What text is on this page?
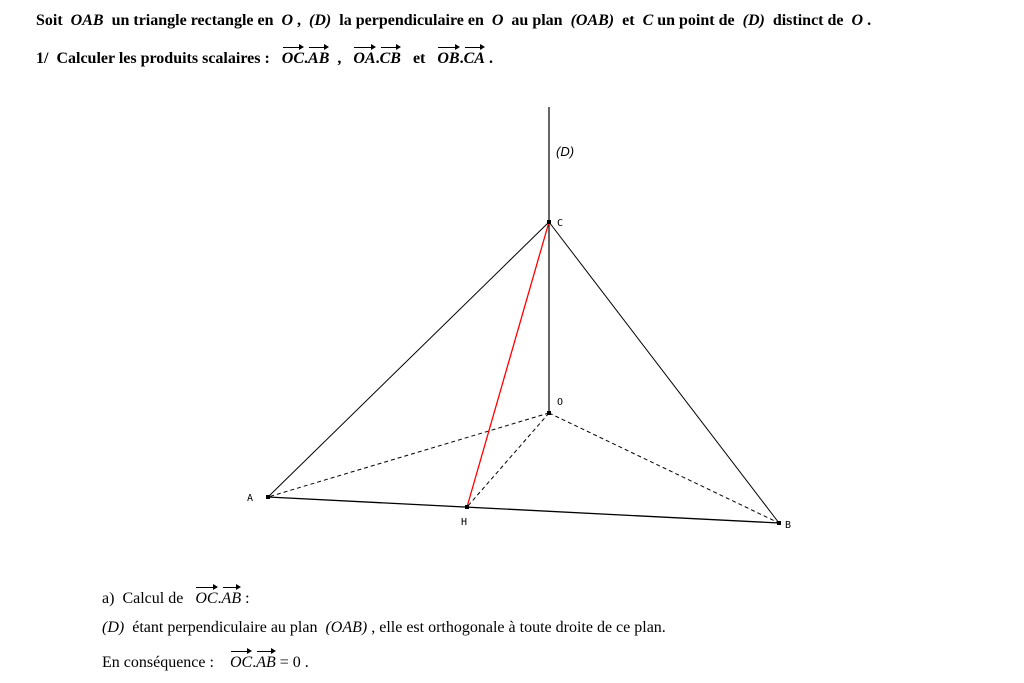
Soit OAB un triangle rectangle en O , (D) la perpendiculaire en O au plan (OAB) et C un point de (D) distinct de O .
1/ Calculer les produits scalaires : OC.AB , OA.CB et OB.CA .
(D)
C
O
A
H	B
a) Calcul de OC.AB :
(D) étant perpendiculaire au plan (OAB) , elle est orthogonale à toute droite de ce plan.
En conséquence : OC.AB = 0 .
